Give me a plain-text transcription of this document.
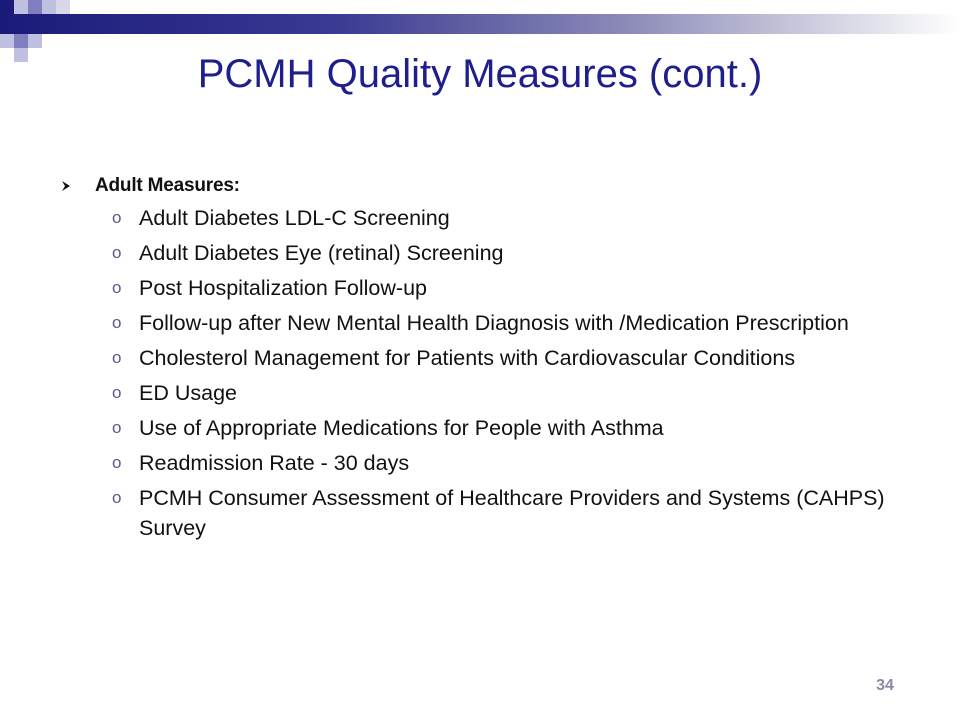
PCMH Quality Measures (cont.)
Adult Measures:
o Adult Diabetes LDL-C Screening
o Adult Diabetes Eye (retinal) Screening
o Post Hospitalization Follow-up
o Follow-up after New Mental Health Diagnosis with /Medication Prescription
o Cholesterol Management for Patients with Cardiovascular Conditions
o ED Usage
o Use of Appropriate Medications for People with Asthma
o Readmission Rate - 30 days
o PCMH Consumer Assessment of Healthcare Providers and Systems (CAHPS) Survey
34
